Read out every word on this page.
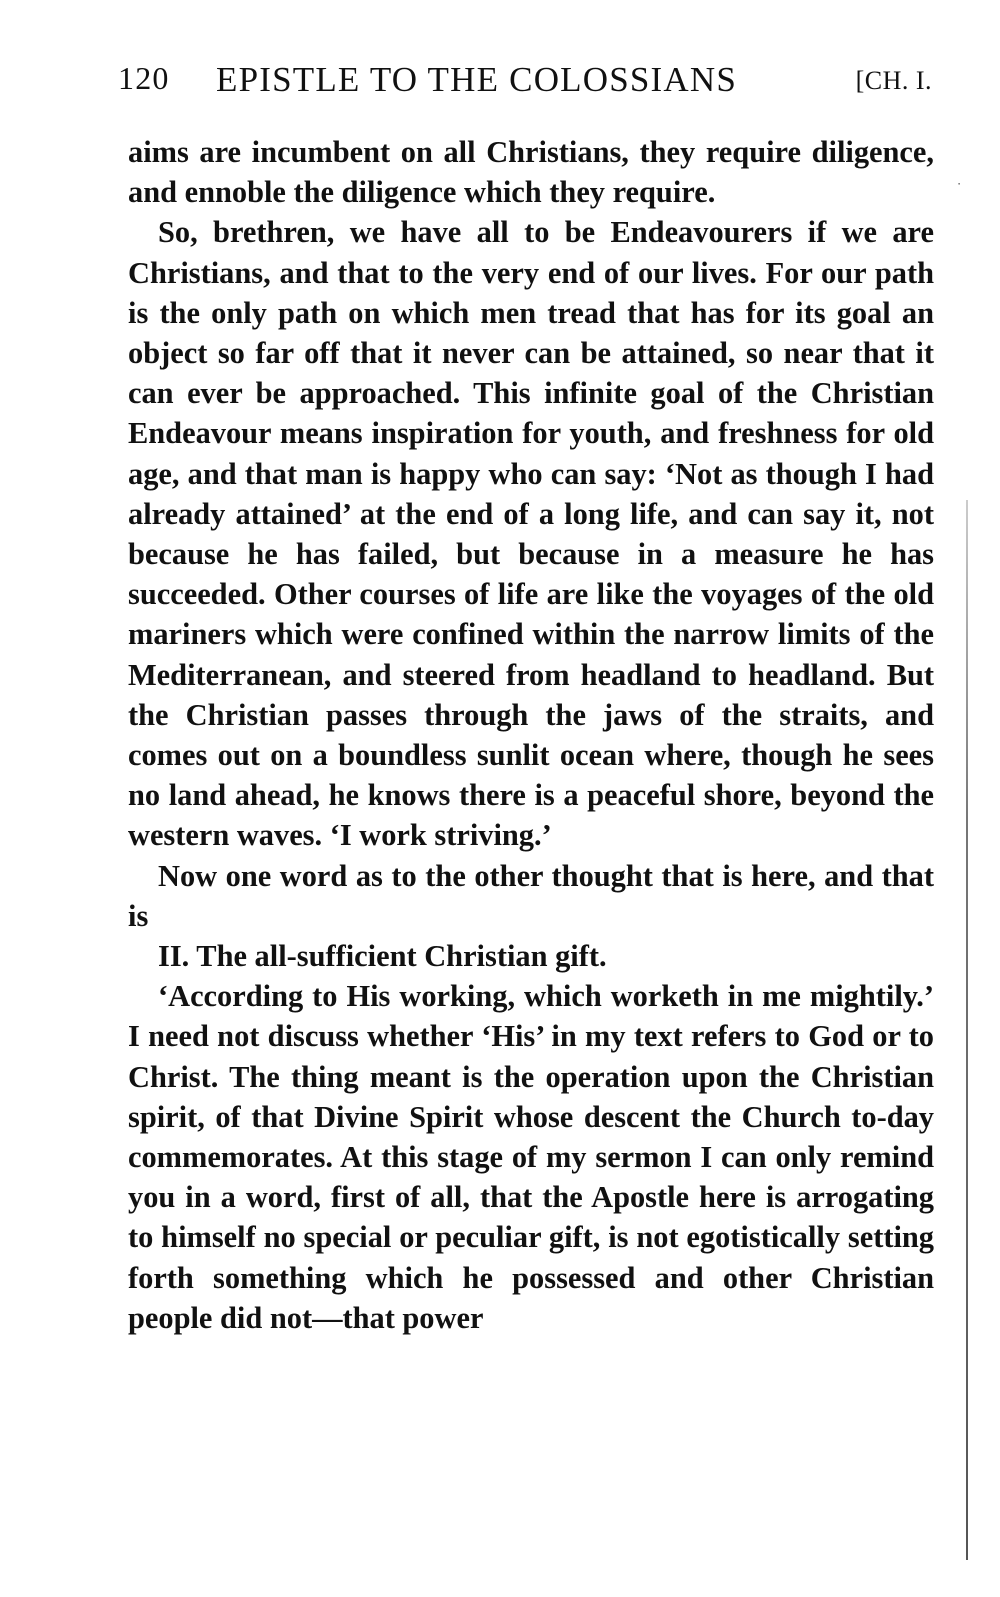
120 EPISTLE TO THE COLOSSIANS	[CH. I.

aims are incumbent on all Christians, they require diligence, and ennoble the diligence which they require.

So, brethren, we have all to be Endeavourers if we are Christians, and that to the very end of our lives. For our path is the only path on which men tread that has for its goal an object so far off that it never can be attained, so near that it can ever be approached. This infinite goal of the Christian Endeavour means inspiration for youth, and freshness for old age, and that man is happy who can say: ‘Not as though I had already attained’ at the end of a long life, and can say it, not because he has failed, but because in a measure he has succeeded. Other courses of life are like the voyages of the old mariners which were confined within the narrow limits of the Mediterranean, and steered from headland to headland. But the Christian passes through the jaws of the straits, and comes out on a boundless sunlit ocean where, though he sees no land ahead, he knows there is a peaceful shore, beyond the western waves. ‘I work striving.’

Now one word as to the other thought that is here, and that is

II. The all-sufficient Christian gift.

‘According to His working, which worketh in me mightily.’ I need not discuss whether ‘His’ in my text refers to God or to Christ. The thing meant is the operation upon the Christian spirit, of that Divine Spirit whose descent the Church to-day commemorates. At this stage of my sermon I can only remind you in a word, first of all, that the Apostle here is arrogating to himself no special or peculiar gift, is not egotistically setting forth something which he possessed and other Christian people did not—that power

⋅
